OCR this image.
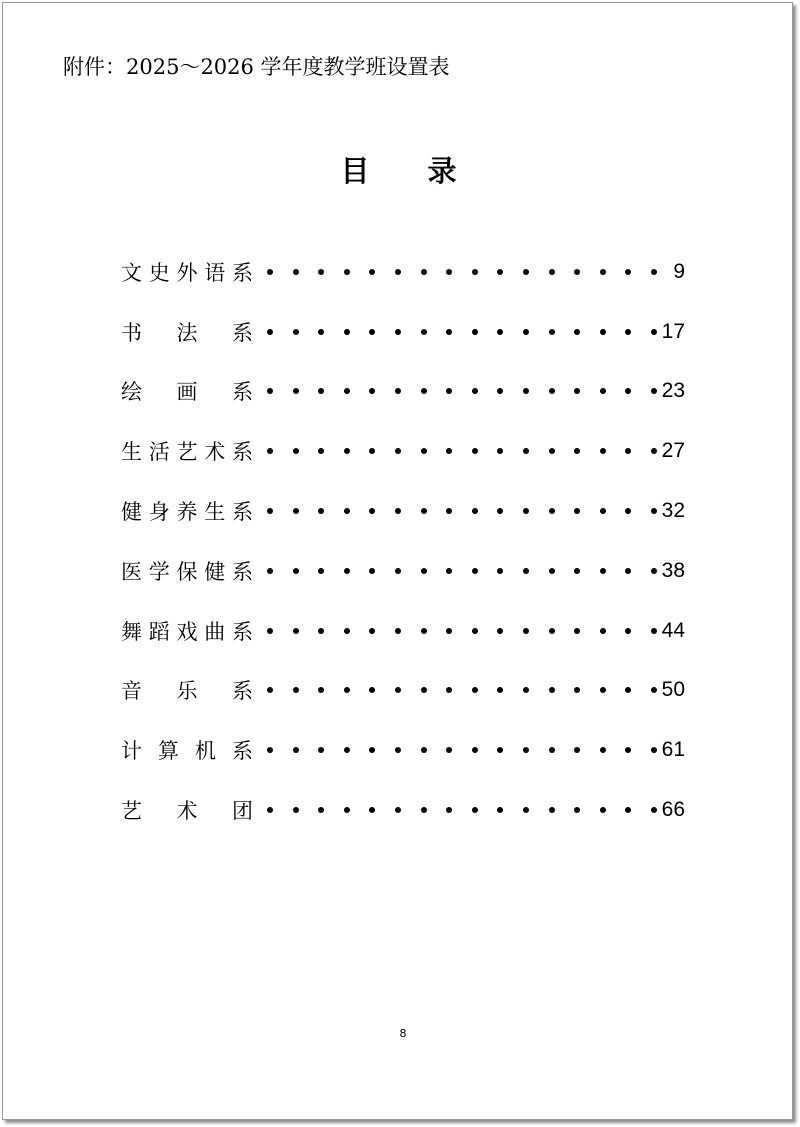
附件：2025～2026 学年度教学班设置表
目 录
文 史 外 语 系	9
书 法 系	17
绘 画 系	23
生 活 艺 术 系	27
健 身 养 生 系	32
医 学 保 健 系	38
舞 蹈 戏 曲 系	44
音 乐 系	50
计 算 机 系	61
艺 术 团	66
8
